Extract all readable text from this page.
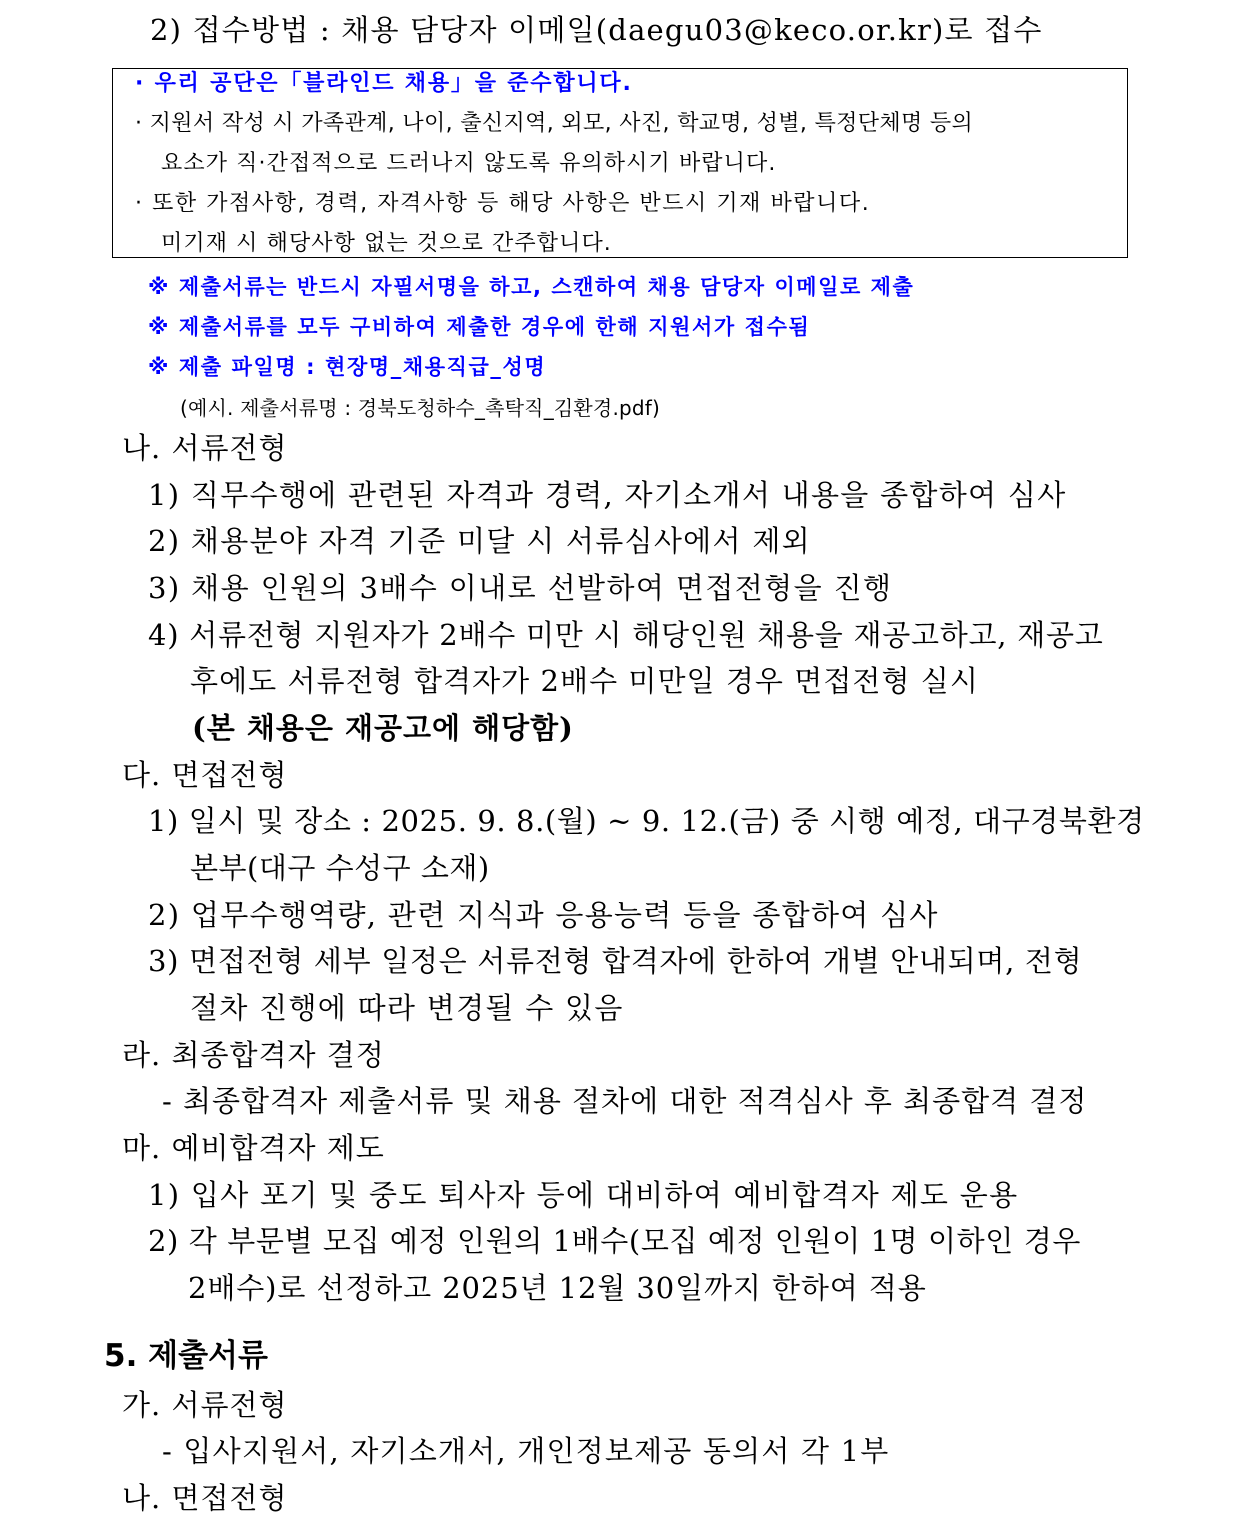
2) 접수방법 : 채용 담당자 이메일(daegu03@keco.or.kr)로 접수
· 우리 공단은「블라인드 채용」을 준수합니다.
· 지원서 작성 시 가족관계, 나이, 출신지역, 외모, 사진, 학교명, 성별, 특정단체명 등의
요소가 직·간접적으로 드러나지 않도록 유의하시기 바랍니다.
· 또한 가점사항, 경력, 자격사항 등 해당 사항은 반드시 기재 바랍니다.
미기재 시 해당사항 없는 것으로 간주합니다.
※ 제출서류는 반드시 자필서명을 하고, 스캔하여 채용 담당자 이메일로 제출
※ 제출서류를 모두 구비하여 제출한 경우에 한해 지원서가 접수됨
※ 제출 파일명 : 현장명_채용직급_성명
(예시. 제출서류명 : 경북도청하수_촉탁직_김환경.pdf)
나. 서류전형
1) 직무수행에 관련된 자격과 경력, 자기소개서 내용을 종합하여 심사
2) 채용분야 자격 기준 미달 시 서류심사에서 제외
3) 채용 인원의 3배수 이내로 선발하여 면접전형을 진행
4) 서류전형 지원자가 2배수 미만 시 해당인원 채용을 재공고하고, 재공고
후에도 서류전형 합격자가 2배수 미만일 경우 면접전형 실시
(본 채용은 재공고에 해당함)
다. 면접전형
1) 일시 및 장소 : 2025. 9. 8.(월) ~ 9. 12.(금) 중 시행 예정, 대구경북환경
본부(대구 수성구 소재)
2) 업무수행역량, 관련 지식과 응용능력 등을 종합하여 심사
3) 면접전형 세부 일정은 서류전형 합격자에 한하여 개별 안내되며, 전형
절차 진행에 따라 변경될 수 있음
라. 최종합격자 결정
- 최종합격자 제출서류 및 채용 절차에 대한 적격심사 후 최종합격 결정
마. 예비합격자 제도
1) 입사 포기 및 중도 퇴사자 등에 대비하여 예비합격자 제도 운용
2) 각 부문별 모집 예정 인원의 1배수(모집 예정 인원이 1명 이하인 경우
2배수)로 선정하고 2025년 12월 30일까지 한하여 적용
5. 제출서류
가. 서류전형
- 입사지원서, 자기소개서, 개인정보제공 동의서 각 1부
나. 면접전형
